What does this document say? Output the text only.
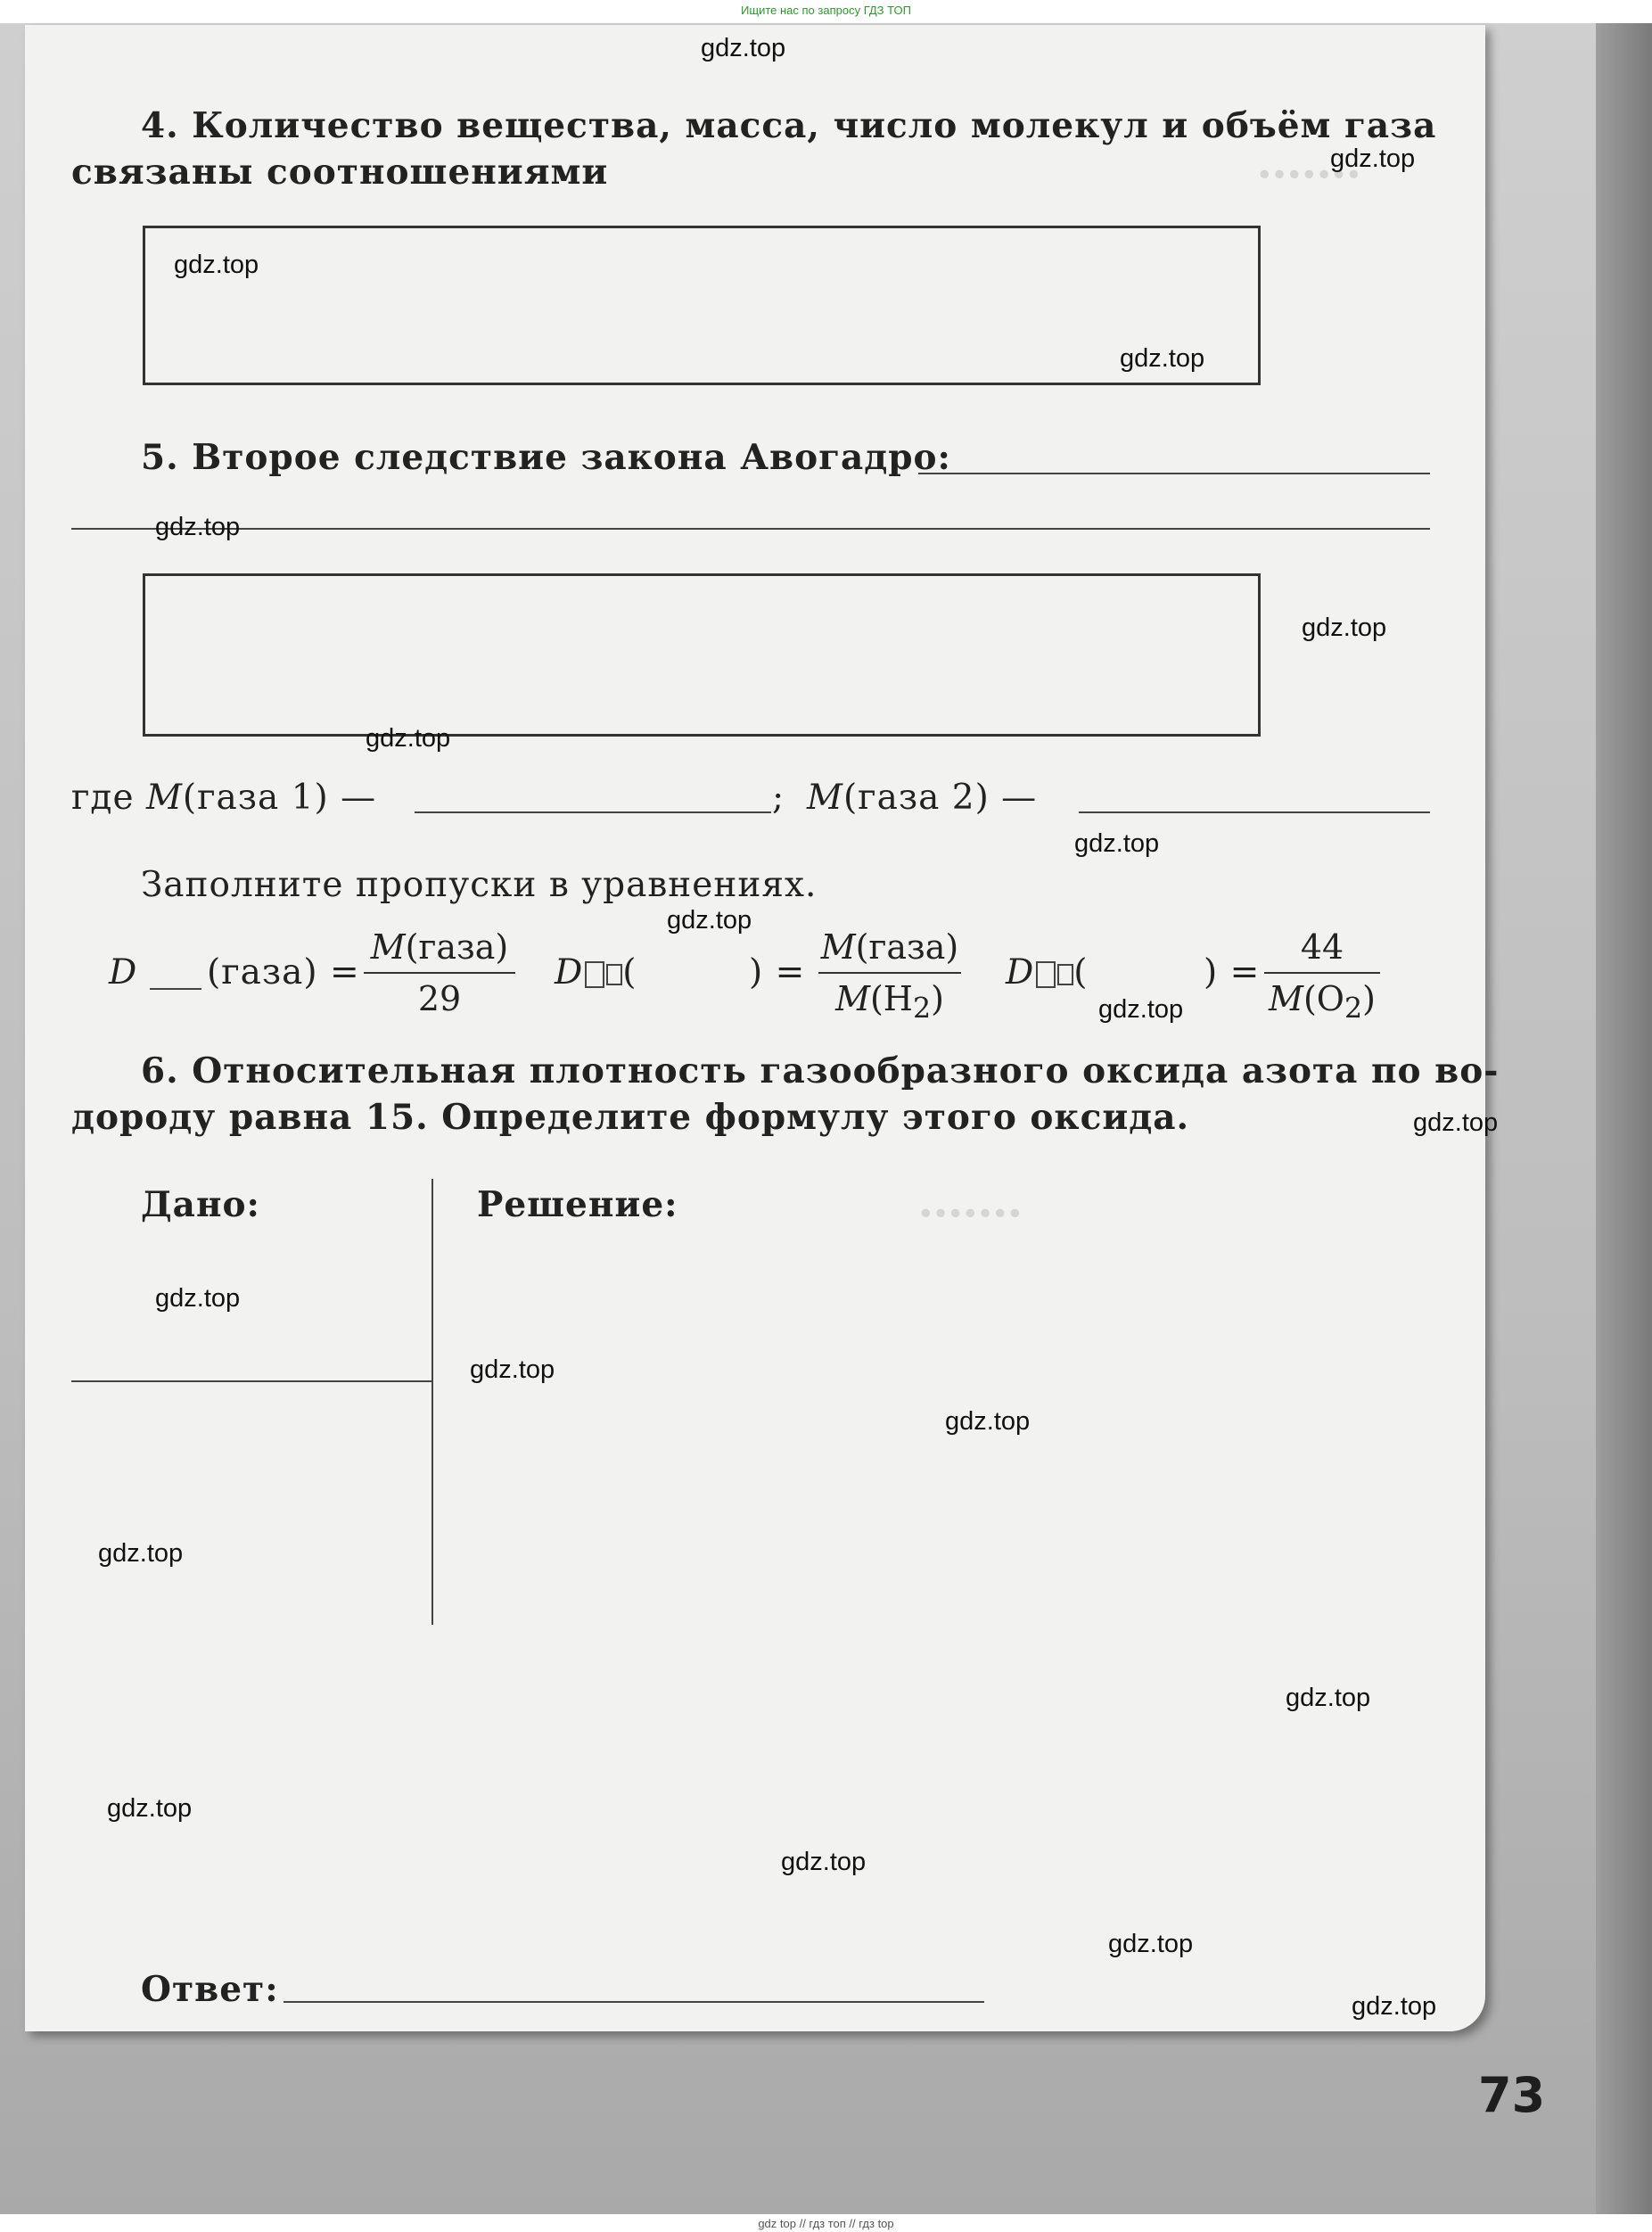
Ищите нас по запросу ГДЗ ТОП
∙∙∙∙∙∙∙
∙∙∙∙∙∙∙
4. Количество вещества, масса, число молекул и объём газа
связаны соотношениями
5. Второе следствие закона Авогадро:
где M(газа 1) —	; M(газа 2) —
Заполните пропуски в уравнениях.
D (газа) =
M(газа)
29
D (	) =
M(газа)
$M(H_2)$
D (	) =
44
$M(O_2)$
6. Относительная плотность газообразного оксида азота по во-
дороду равна 15. Определите формулу этого оксида.
Дано:	Решение:
Ответ:
73
gdz.top
gdz.top
gdz.top
gdz.top
gdz.top
gdz.top
gdz.top
gdz.top
gdz.top
gdz.top
gdz.top
gdz.top
gdz.top
gdz.top
gdz.top
gdz.top
gdz.top
gdz.top
gdz.top
gdz.top
gdz top // гдз топ // гдз top
